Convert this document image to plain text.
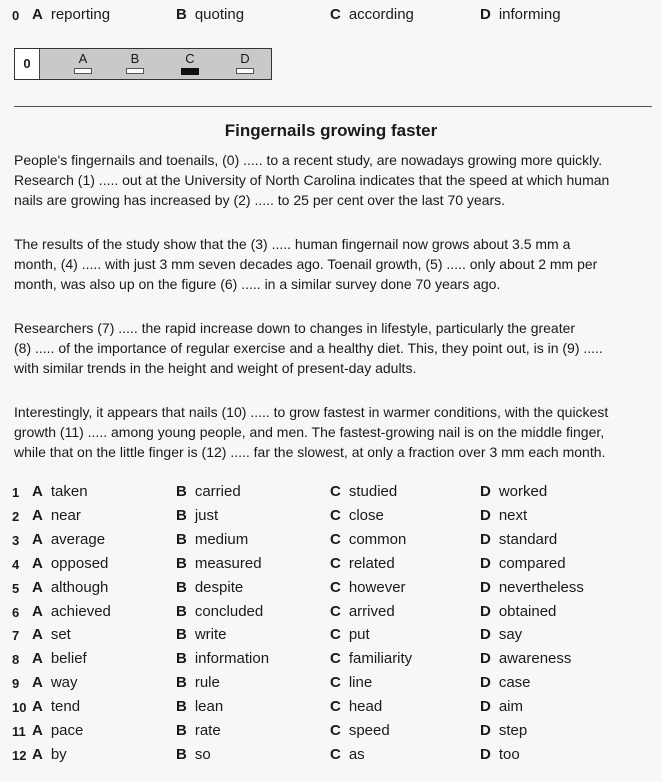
0 A reporting	B quoting	C according	D informing
0	A	B	C	D
Fingernails growing faster

People's fingernails and toenails, (0) ..... to a recent study, are nowadays growing more quickly.

Research (1) ..... out at the University of North Carolina indicates that the speed at which human

nails are growing has increased by (2) ..... to 25 per cent over the last 70 years.

The results of the study show that the (3) ..... human fingernail now grows about 3.5 mm a

month, (4) ..... with just 3 mm seven decades ago. Toenail growth, (5) ..... only about 2 mm per

month, was also up on the figure (6) ..... in a similar survey done 70 years ago.

Researchers (7) ..... the rapid increase down to changes in lifestyle, particularly the greater

(8) ..... of the importance of regular exercise and a healthy diet. This, they point out, is in (9) .....

with similar trends in the height and weight of present-day adults.

Interestingly, it appears that nails (10) ..... to grow fastest in warmer conditions, with the quickest

growth (11) ..... among young people, and men. The fastest-growing nail is on the middle finger,

while that on the little finger is (12) ..... far the slowest, at only a fraction over 3 mm each month.

1 A taken	B carried	C studied	D worked
2 A near	B just	C close	D next
3 A average	B medium	C common	D standard
4 A opposed	B measured	C related	D compared
5 A although	B despite	C however	D nevertheless
6 A achieved	B concluded	C arrived	D obtained
7 A set	B write	C put	D say
8 A belief	B information	C familiarity	D awareness
9 A way	B rule	C line	D case
10 A tend	B lean	C head	D aim
11 A pace	B rate	C speed	D step
12 A by	B so	C as	D too
